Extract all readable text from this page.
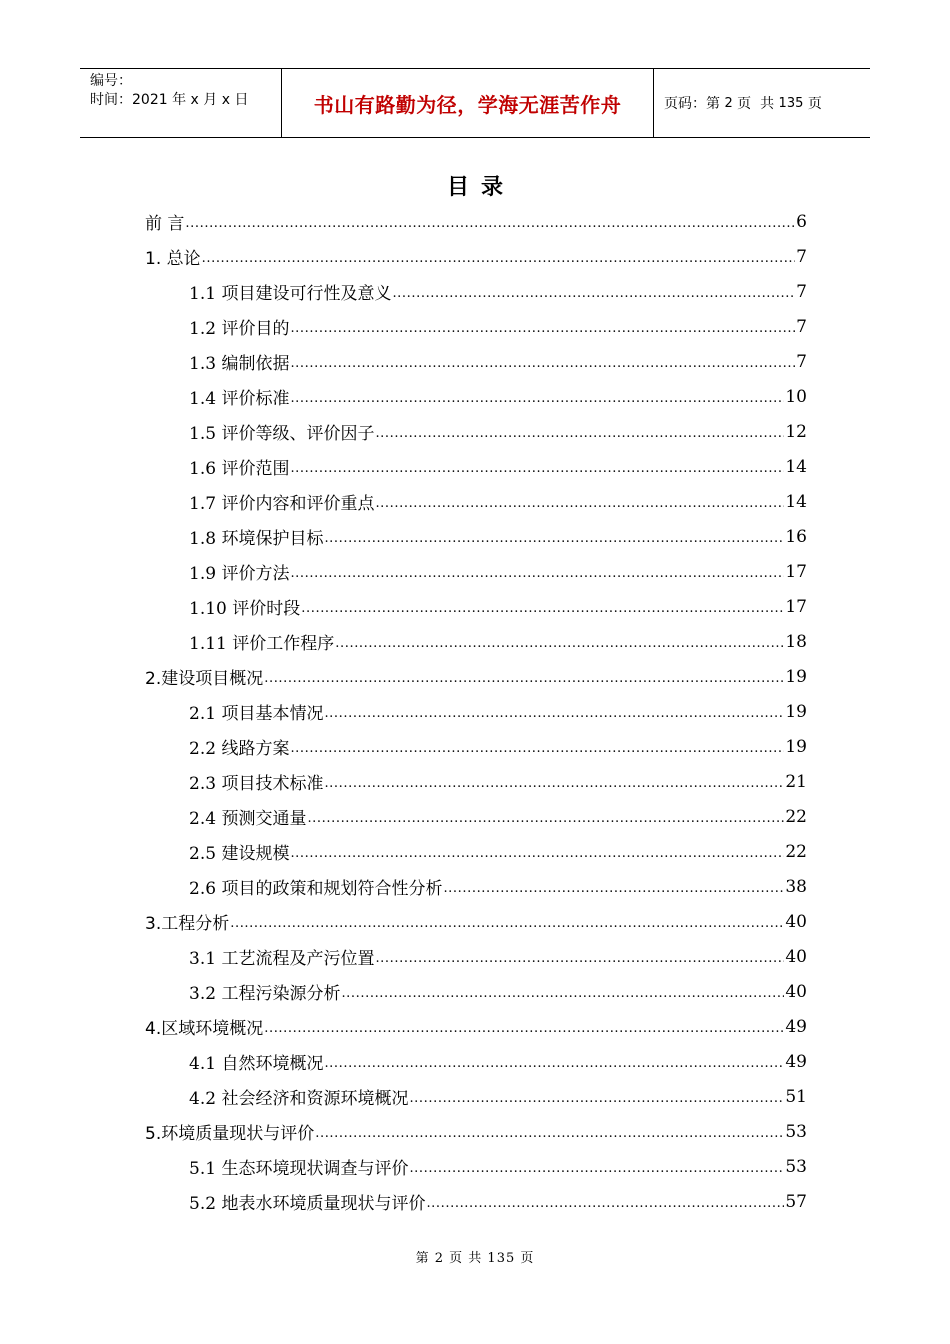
编号：
时间：2021 年 x 月 x 日	书山有路勤为径，学海无涯苦作舟	页码：第 2 页  共 135 页
目录
前 言 .....	6
1. 总论 .....	7
1.1 项目建设可行性及意义 .....	7
1.2 评价目的 .....	7
1.3 编制依据 .....	7
1.4 评价标准 .....	10
1.5 评价等级、评价因子 .....	12
1.6 评价范围 .....	14
1.7 评价内容和评价重点 .....	14
1.8 环境保护目标 .....	16
1.9 评价方法 .....	17
1.10 评价时段 .....	17
1.11 评价工作程序 .....	18
2.建设项目概况 .....	19
2.1 项目基本情况 .....	19
2.2 线路方案 .....	19
2.3 项目技术标准 .....	21
2.4 预测交通量 .....	22
2.5 建设规模 .....	22
2.6 项目的政策和规划符合性分析 .....	38
3.工程分析 .....	40
3.1 工艺流程及产污位置 .....	40
3.2 工程污染源分析 .....	40
4.区域环境概况 .....	49
4.1 自然环境概况 .....	49
4.2 社会经济和资源环境概况 .....	51
5.环境质量现状与评价 .....	53
5.1 生态环境现状调查与评价 .....	53
5.2 地表水环境质量现状与评价 .....	57
第 2 页 共 135 页
